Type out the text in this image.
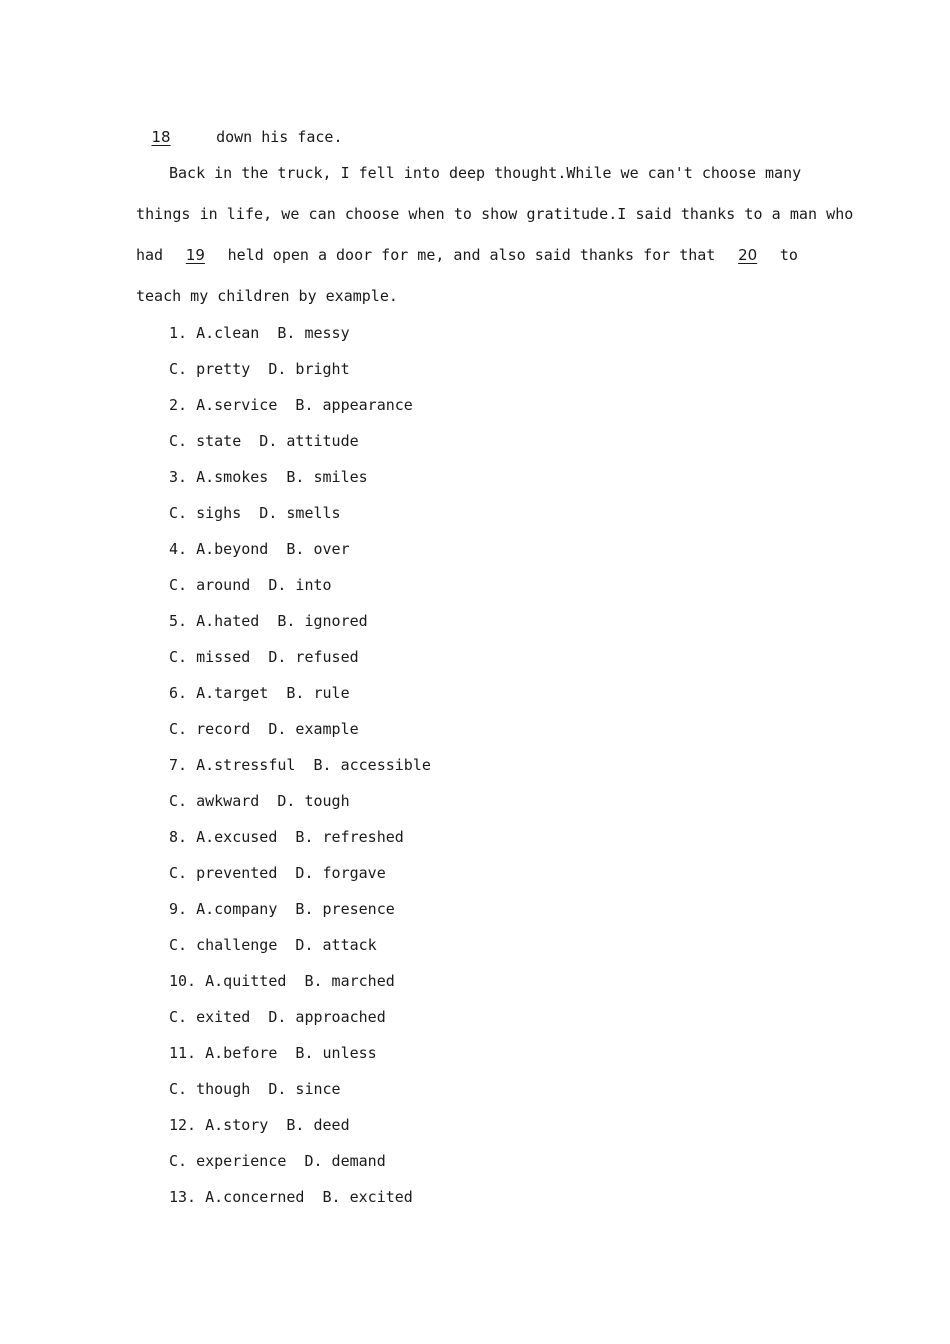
18	down his face.
Back in the truck, I fell into deep thought.While we can't choose many
things in life, we can choose when to show gratitude.I said thanks to a man who
had	19	held open a door for me, and also said thanks for that	20	to
teach my children by example.
1. A.clean  B. messy
C. pretty  D. bright
2. A.service  B. appearance
C. state  D. attitude
3. A.smokes  B. smiles
C. sighs  D. smells
4. A.beyond  B. over
C. around  D. into
5. A.hated  B. ignored
C. missed  D. refused
6. A.target  B. rule
C. record  D. example
7. A.stressful  B. accessible
C. awkward  D. tough
8. A.excused  B. refreshed
C. prevented  D. forgave
9. A.company  B. presence
C. challenge  D. attack
10. A.quitted  B. marched
C. exited  D. approached
11. A.before  B. unless
C. though  D. since
12. A.story  B. deed
C. experience  D. demand
13. A.concerned  B. excited
